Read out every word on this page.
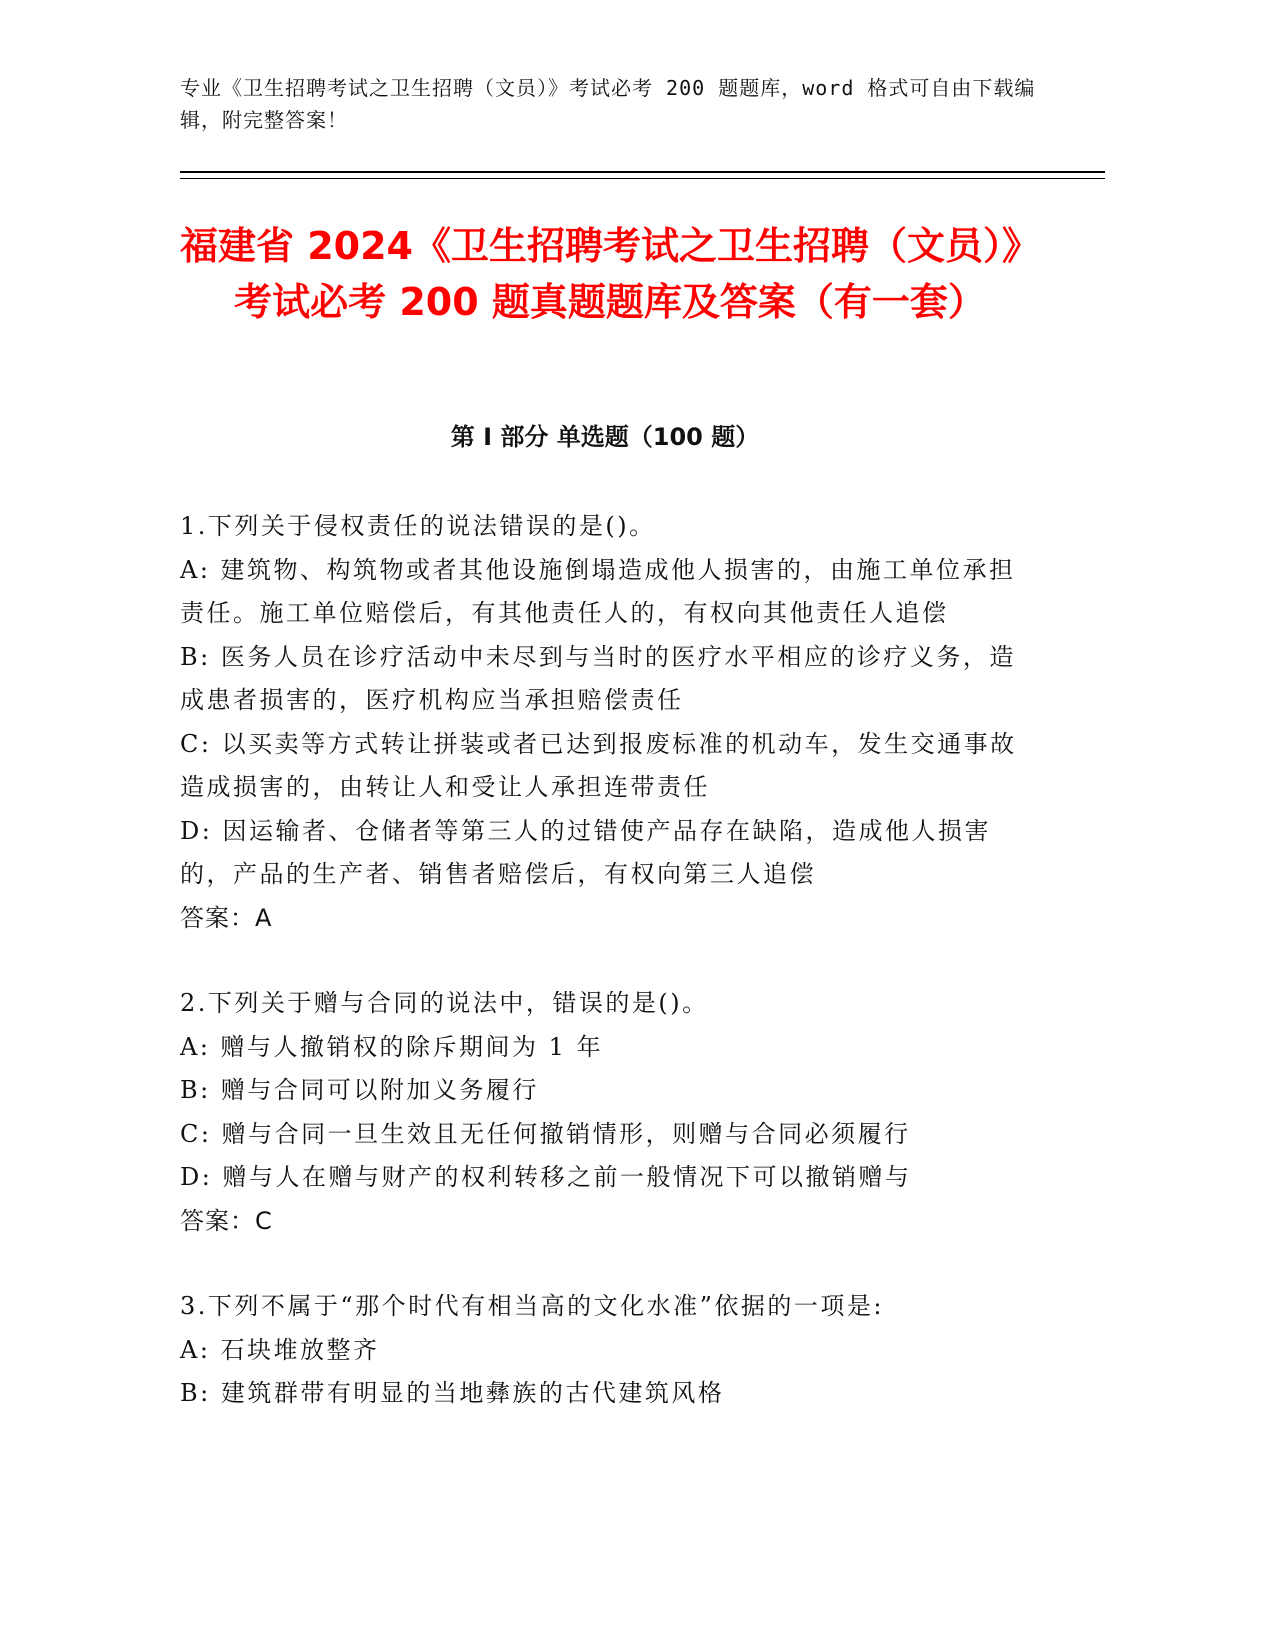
专业《卫生招聘考试之卫生招聘（文员）》考试必考 200 题题库，word 格式可自由下载编辑，附完整答案！
福建省 2024《卫生招聘考试之卫生招聘（文员）》考试必考 200 题真题题库及答案（有一套）
第 I 部分 单选题（100 题）

1.下列关于侵权责任的说法错误的是()。

A: 建筑物、构筑物或者其他设施倒塌造成他人损害的，由施工单位承担责任。施工单位赔偿后，有其他责任人的，有权向其他责任人追偿

B: 医务人员在诊疗活动中未尽到与当时的医疗水平相应的诊疗义务，造成患者损害的，医疗机构应当承担赔偿责任

C: 以买卖等方式转让拼装或者已达到报废标准的机动车，发生交通事故造成损害的，由转让人和受让人承担连带责任

D: 因运输者、仓储者等第三人的过错使产品存在缺陷，造成他人损害的，产品的生产者、销售者赔偿后，有权向第三人追偿

答案：A

2.下列关于赠与合同的说法中，错误的是()。

A: 赠与人撤销权的除斥期间为 1 年

B: 赠与合同可以附加义务履行

C: 赠与合同一旦生效且无任何撤销情形，则赠与合同必须履行

D: 赠与人在赠与财产的权利转移之前一般情况下可以撤销赠与

答案：C

3.下列不属于“那个时代有相当高的文化水准”依据的一项是:

A: 石块堆放整齐

B: 建筑群带有明显的当地彝族的古代建筑风格
